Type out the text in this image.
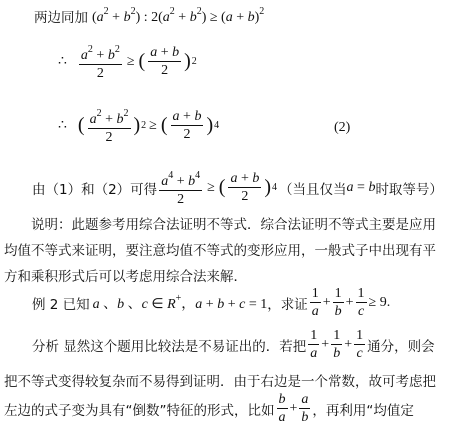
两边同加 $(a^2 + b^2)$ : $2(a^2 + b^2) \ge (a + b)^2$
∴ $\frac{a^2 + b^2}{2}$ ≥ ( $\frac{a + b}{2}$ ) 2
∴ ( $\frac{a^2 + b^2}{2}$ ) 2 ≥ ( $\frac{a + b}{2}$ ) 4	(2)
由（1）和（2）可得 $\frac{a^4 + b^4}{2}$ ≥ ( $\frac{a + b}{2}$ ) 4 （当且仅当 a = b 时取等号）
说明：此题参考用综合法证明不等式．综合法证明不等式主要是应用均值不等式来证明，要注意均值不等式的变形应用，一般式子中出现有平方和乘积形式后可以考虑用综合法来解．
例 2 已知 a 、b 、c ∈ R+，a + b + c = 1 ，求证 $\frac{1}{a} + \frac{1}{b} + \frac{1}{c} \ge 9$.
分析 显然这个题用比较法是不易证出的．若把 $\frac{1}{a} + \frac{1}{b} + \frac{1}{c}$ 通分，则会
把不等式变得较复杂而不易得到证明．由于右边是一个常数，故可考虑把
左边的式子变为具有“倒数”特征的形式，比如 $\frac{b}{a} + \frac{a}{b}$ ，再利用“均值定
